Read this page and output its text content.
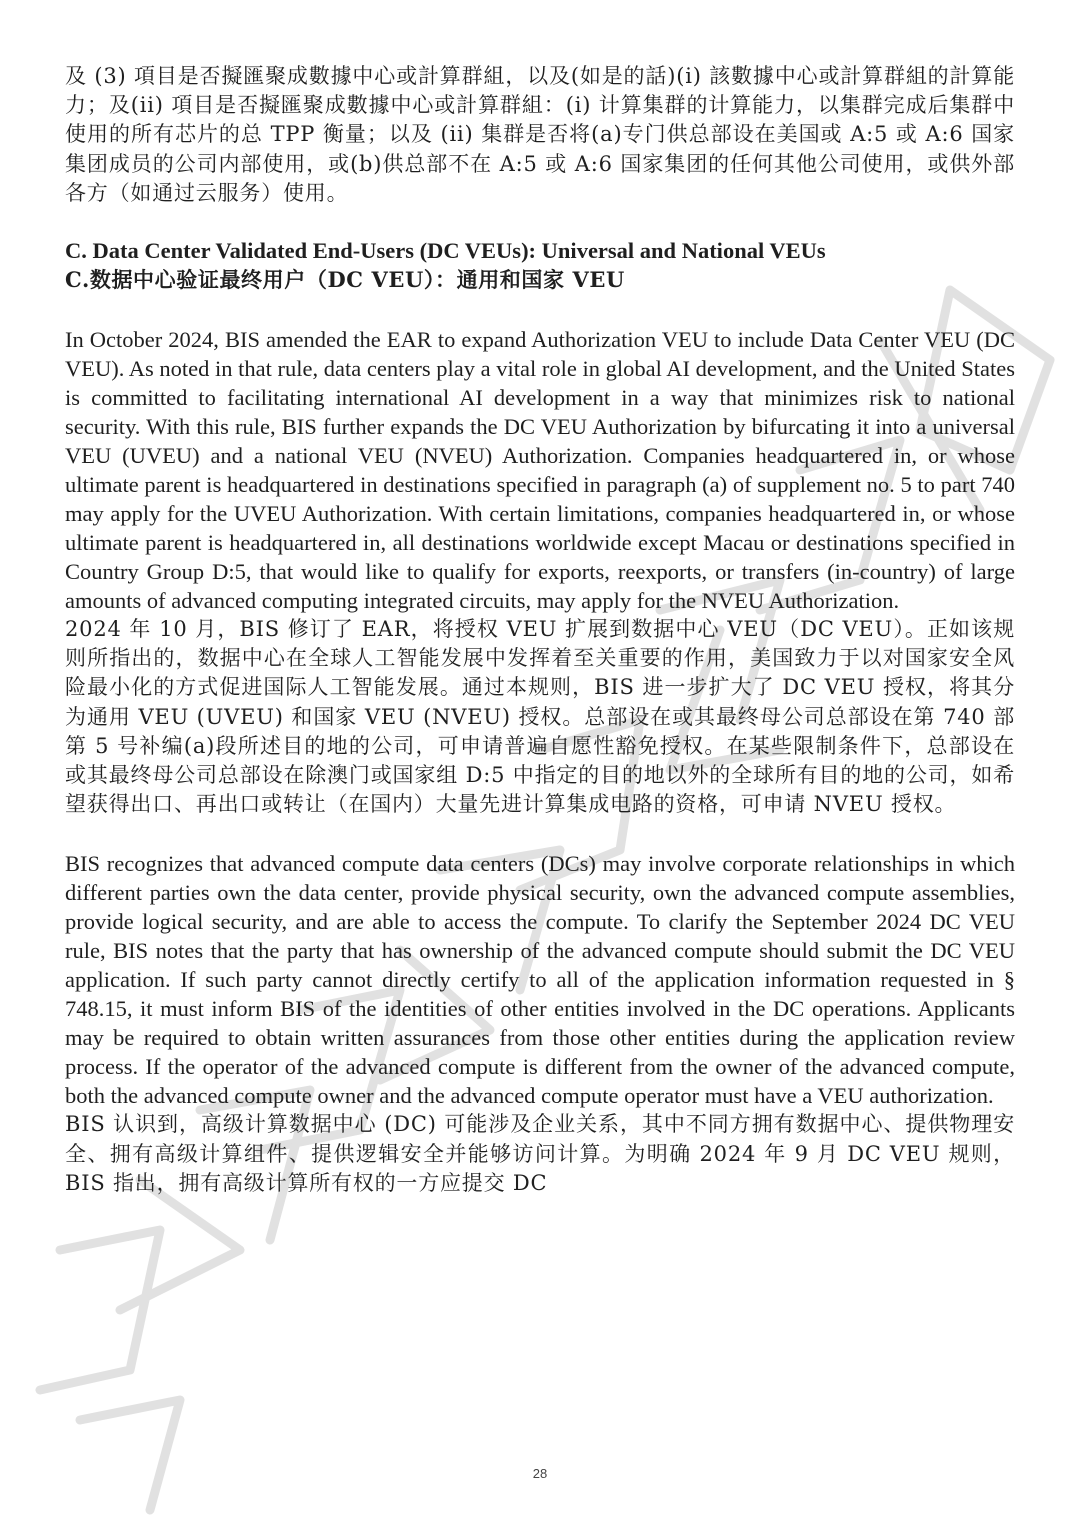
及 (3) 項目是否擬匯聚成數據中心或計算群組，以及(如是的話)(i) 該數據中心或計算群組的計算能力；及(ii) 項目是否擬匯聚成數據中心或計算群組：(i) 计算集群的计算能力，以集群完成后集群中使用的所有芯片的总 TPP 衡量；以及 (ii) 集群是否将(a)专门供总部设在美国或 A:5 或 A:6 国家集团成员的公司内部使用，或(b)供总部不在 A:5 或 A:6 国家集团的任何其他公司使用，或供外部各方（如通过云服务）使用。

C. Data Center Validated End-Users (DC VEUs): Universal and National VEUs

C.数据中心验证最终用户（DC VEU）：通用和国家 VEU

In October 2024, BIS amended the EAR to expand Authorization VEU to include Data Center VEU (DC VEU). As noted in that rule, data centers play a vital role in global AI development, and the United States is committed to facilitating international AI development in a way that minimizes risk to national security. With this rule, BIS further expands the DC VEU Authorization by bifurcating it into a universal VEU (UVEU) and a national VEU (NVEU) Authorization. Companies headquartered in, or whose ultimate parent is headquartered in destinations specified in paragraph (a) of supplement no. 5 to part 740 may apply for the UVEU Authorization. With certain limitations, companies headquartered in, or whose ultimate parent is headquartered in, all destinations worldwide except Macau or destinations specified in Country Group D:5, that would like to qualify for exports, reexports, or transfers (in-country) of large amounts of advanced computing integrated circuits, may apply for the NVEU Authorization.

2024 年 10 月，BIS 修订了 EAR，将授权 VEU 扩展到数据中心 VEU（DC VEU）。正如该规则所指出的，数据中心在全球人工智能发展中发挥着至关重要的作用，美国致力于以对国家安全风险最小化的方式促进国际人工智能发展。通过本规则，BIS 进一步扩大了 DC VEU 授权，将其分为通用 VEU (UVEU) 和国家 VEU (NVEU) 授权。总部设在或其最终母公司总部设在第 740 部第 5 号补编(a)段所述目的地的公司，可申请普遍自愿性豁免授权。在某些限制条件下，总部设在或其最终母公司总部设在除澳门或国家组 D:5 中指定的目的地以外的全球所有目的地的公司，如希望获得出口、再出口或转让（在国内）大量先进计算集成电路的资格，可申请 NVEU 授权。

BIS recognizes that advanced compute data centers (DCs) may involve corporate relationships in which different parties own the data center, provide physical security, own the advanced compute assemblies, provide logical security, and are able to access the compute. To clarify the September 2024 DC VEU rule, BIS notes that the party that has ownership of the advanced compute should submit the DC VEU application. If such party cannot directly certify to all of the application information requested in § 748.15, it must inform BIS of the identities of other entities involved in the DC operations. Applicants may be required to obtain written assurances from those other entities during the application review process. If the operator of the advanced compute is different from the owner of the advanced compute, both the advanced compute owner and the advanced compute operator must have a VEU authorization.

BIS 认识到，高级计算数据中心 (DC) 可能涉及企业关系，其中不同方拥有数据中心、提供物理安全、拥有高级计算组件、提供逻辑安全并能够访问计算。为明确 2024 年 9 月 DC VEU 规则，BIS 指出，拥有高级计算所有权的一方应提交 DC

28
